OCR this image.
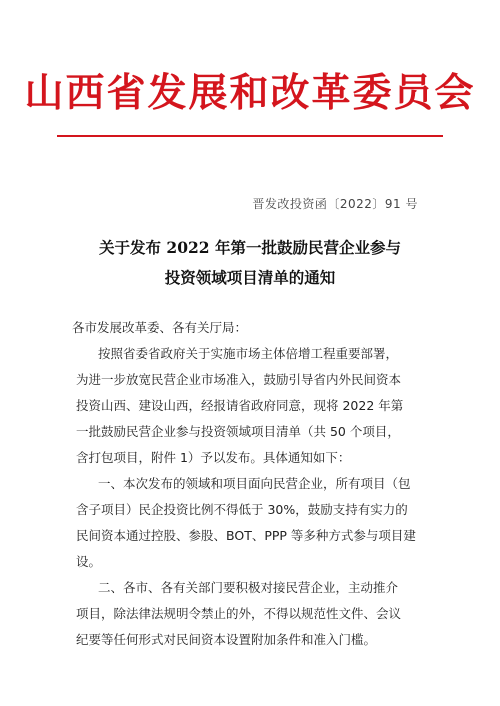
山西省发展和改革委员会
晋发改投资函〔2022〕91 号
关于发布 2022 年第一批鼓励民营企业参与
投资领域项目清单的通知
各市发展改革委、各有关厅局：
按照省委省政府关于实施市场主体倍增工程重要部署，
为进一步放宽民营企业市场准入，鼓励引导省内外民间资本
投资山西、建设山西，经报请省政府同意，现将 2022 年第
一批鼓励民营企业参与投资领域项目清单（共 50 个项目，
含打包项目，附件 1）予以发布。具体通知如下：
一、本次发布的领域和项目面向民营企业，所有项目（包
含子项目）民企投资比例不得低于 30%，鼓励支持有实力的
民间资本通过控股、参股、BOT、PPP 等多种方式参与项目建
设。
二、各市、各有关部门要积极对接民营企业，主动推介
项目，除法律法规明令禁止的外，不得以规范性文件、会议
纪要等任何形式对民间资本设置附加条件和准入门槛。
